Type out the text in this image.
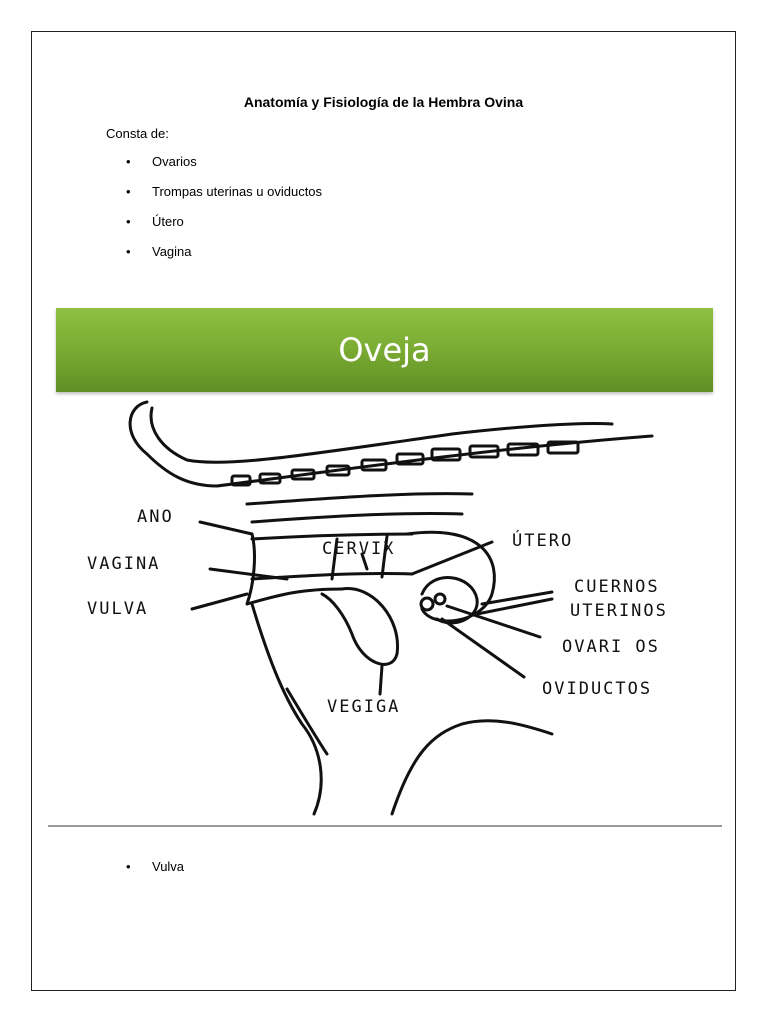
Anatomía y Fisiología de la Hembra Ovina
Consta de:
•	Ovarios
•	Trompas uterinas u oviductos
•	Útero
•	Vagina
Oveja
ANO
VAGINA
VULVA
CERVIX	ÚTERO
CUERNOS
UTERINOS
OVARI OS
OVIDUCTOS
VEGIGA
•	Vulva
